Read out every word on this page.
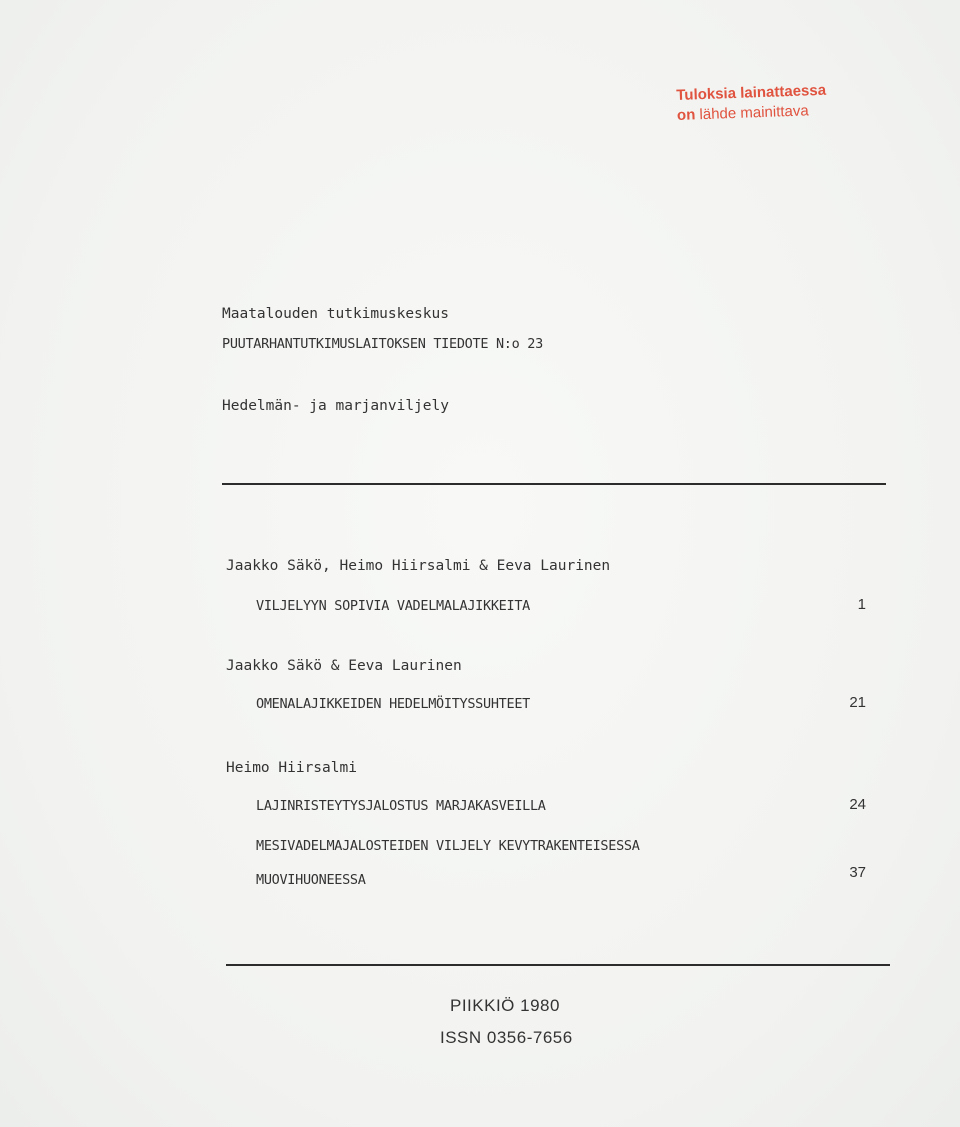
Tuloksia lainattaessa
on lähde mainittava
Maatalouden tutkimuskeskus
PUUTARHANTUTKIMUSLAITOKSEN TIEDOTE N:o 23
Hedelmän- ja marjanviljely
Jaakko Säkö, Heimo Hiirsalmi & Eeva Laurinen
VILJELYYN SOPIVIA VADELMALAJIKKEITA	1
Jaakko Säkö & Eeva Laurinen
OMENALAJIKKEIDEN HEDELMÖITYSSUHTEET	21
Heimo Hiirsalmi
LAJINRISTEYTYSJALOSTUS MARJAKASVEILLA	24
MESIVADELMAJALOSTEIDEN VILJELY KEVYTRAKENTEISESSA
MUOVIHUONEESSA	37
PIIKKIÖ 1980
ISSN 0356-7656
